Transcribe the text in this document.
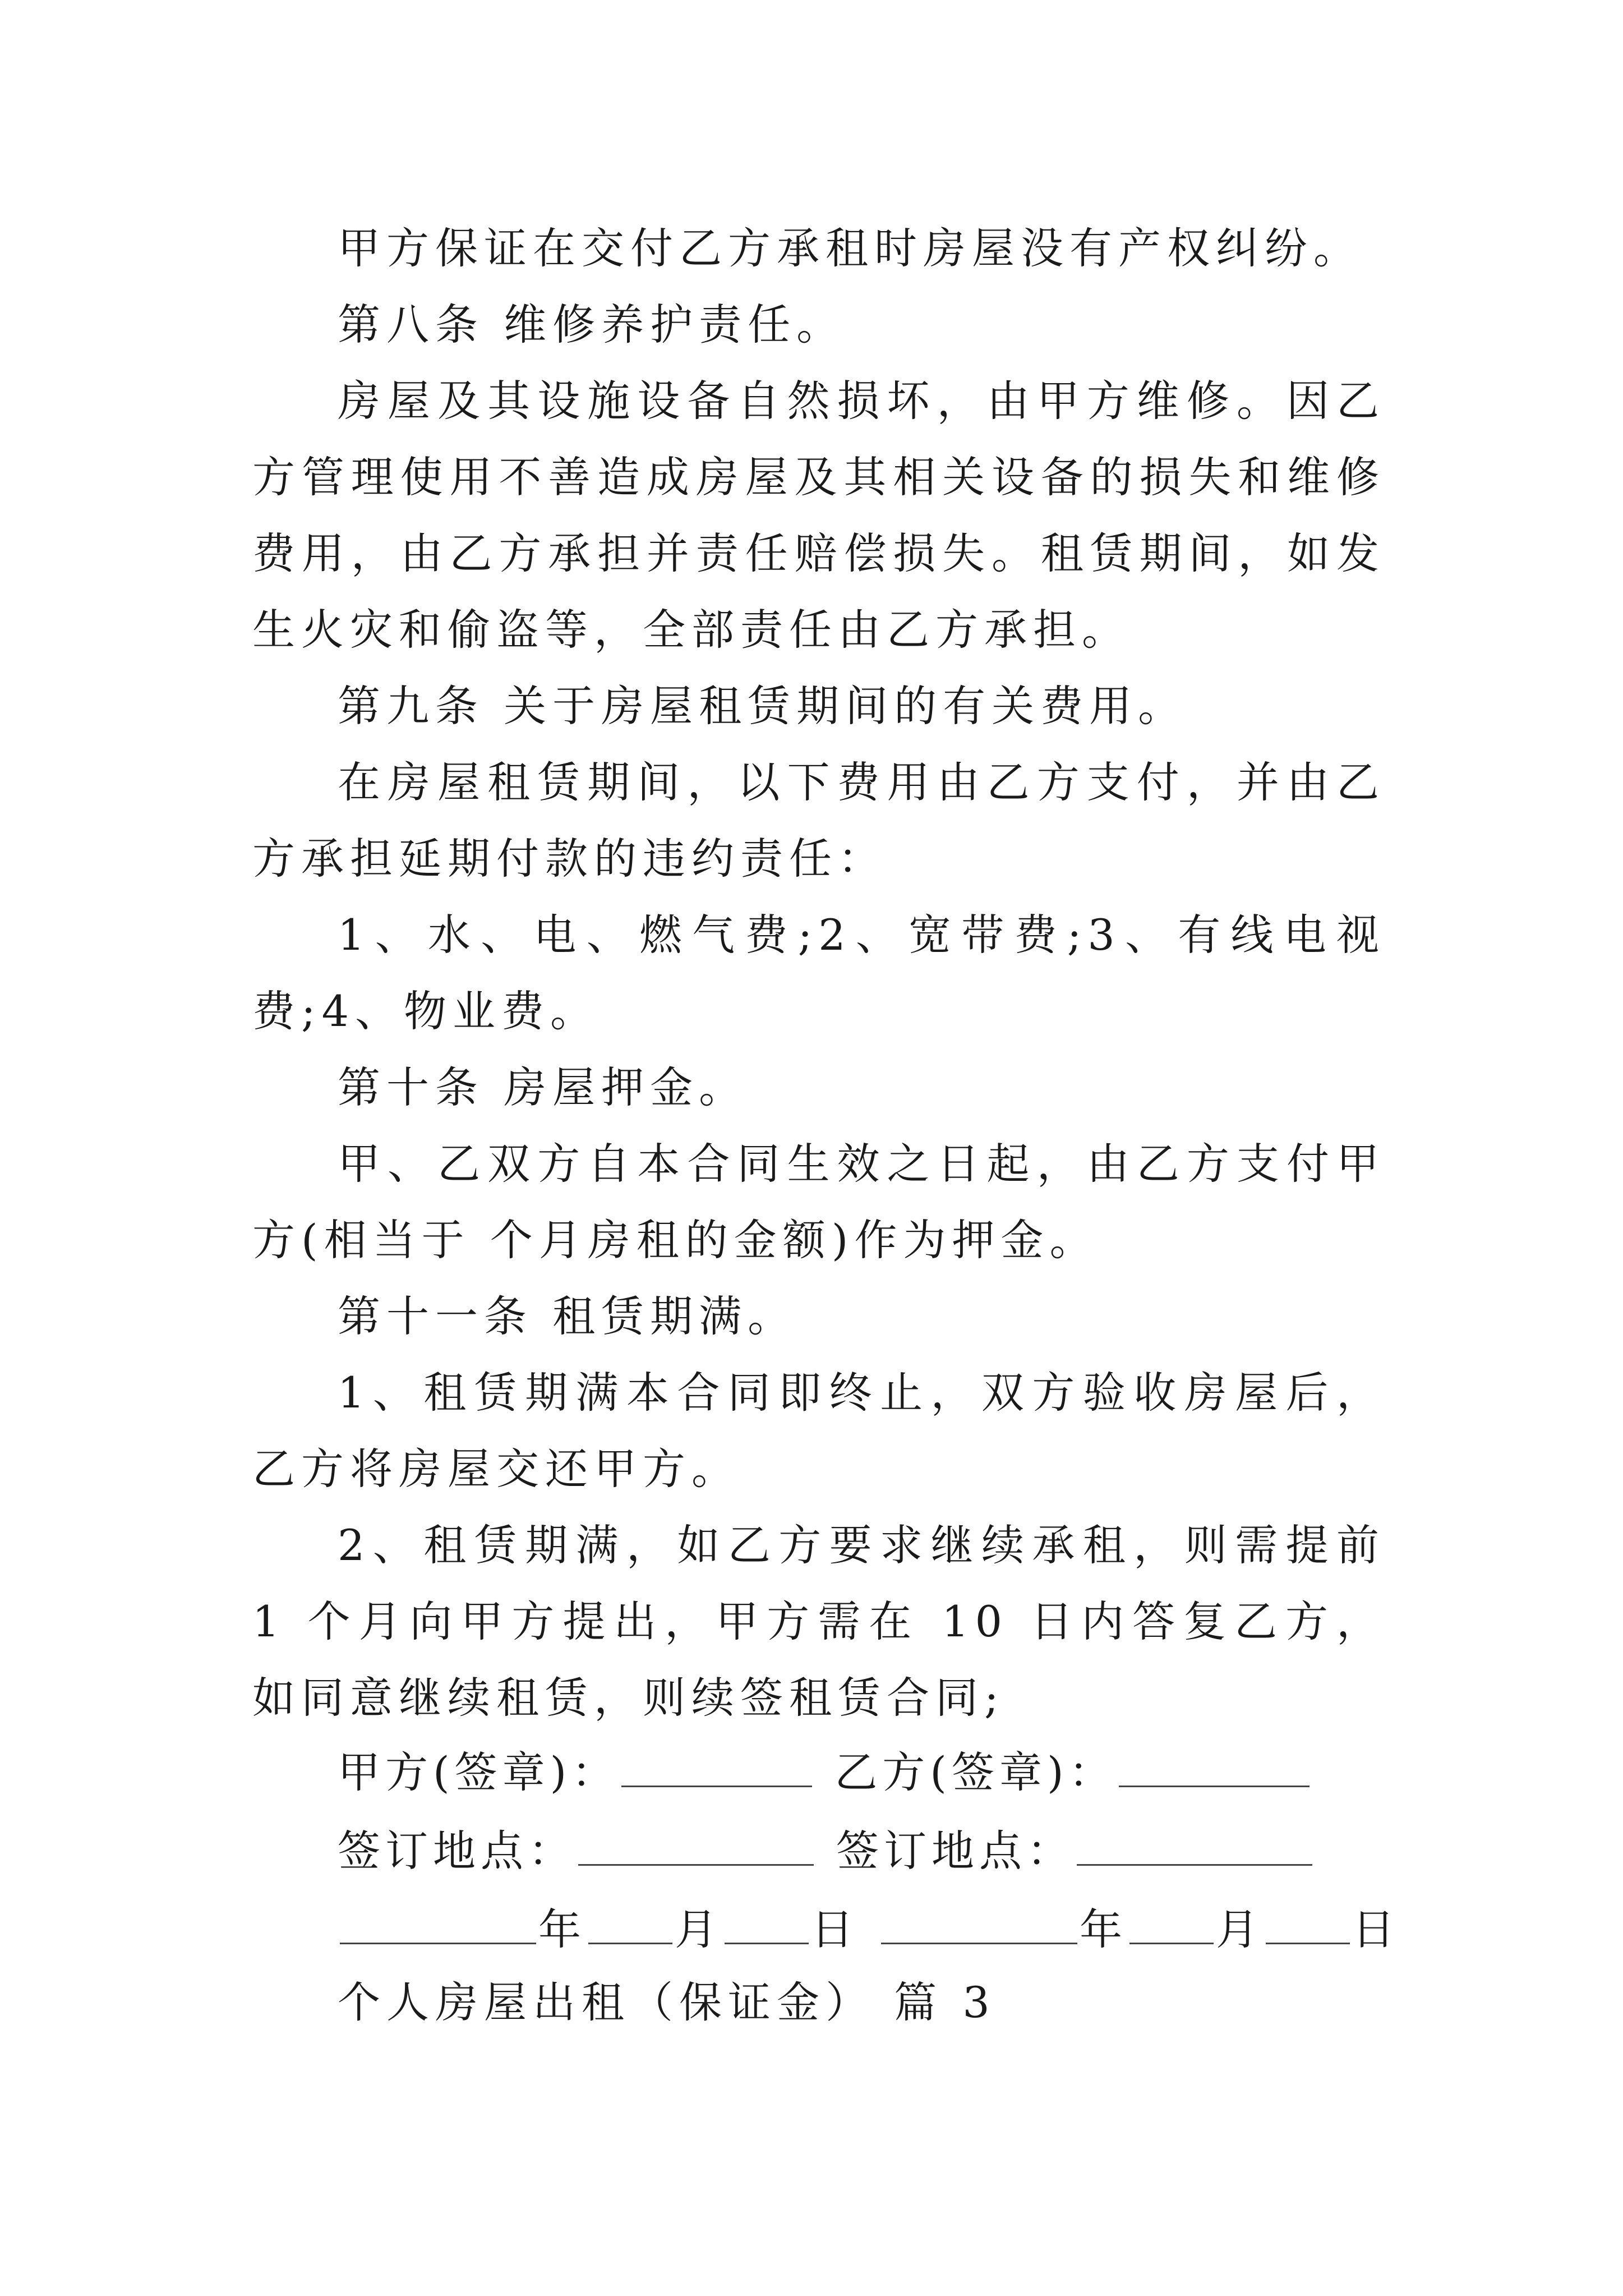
甲方保证在交付乙方承租时房屋没有产权纠纷。

第八条 维修养护责任。

房屋及其设施设备自然损坏，由甲方维修。因乙方管理使用不善造成房屋及其相关设备的损失和维修费用，由乙方承担并责任赔偿损失。租赁期间，如发生火灾和偷盗等，全部责任由乙方承担。

第九条 关于房屋租赁期间的有关费用。

在房屋租赁期间，以下费用由乙方支付，并由乙方承担延期付款的违约责任：

1、水、电、燃气费;2、宽带费;3、有线电视费;4、物业费。

第十条 房屋押金。

甲、乙双方自本合同生效之日起，由乙方支付甲方(相当于 个月房租的金额)作为押金。

第十一条 租赁期满。

1、租赁期满本合同即终止，双方验收房屋后，乙方将房屋交还甲方。

2、租赁期满，如乙方要求继续承租，则需提前 1 个月向甲方提出，甲方需在 10 日内答复乙方，如同意继续租赁，则续签租赁合同;

甲方(签章)：	乙方(签章)：
签订地点：	签订地点：
年 月 日	年 月 日
个人房屋出租（保证金） 篇 3
